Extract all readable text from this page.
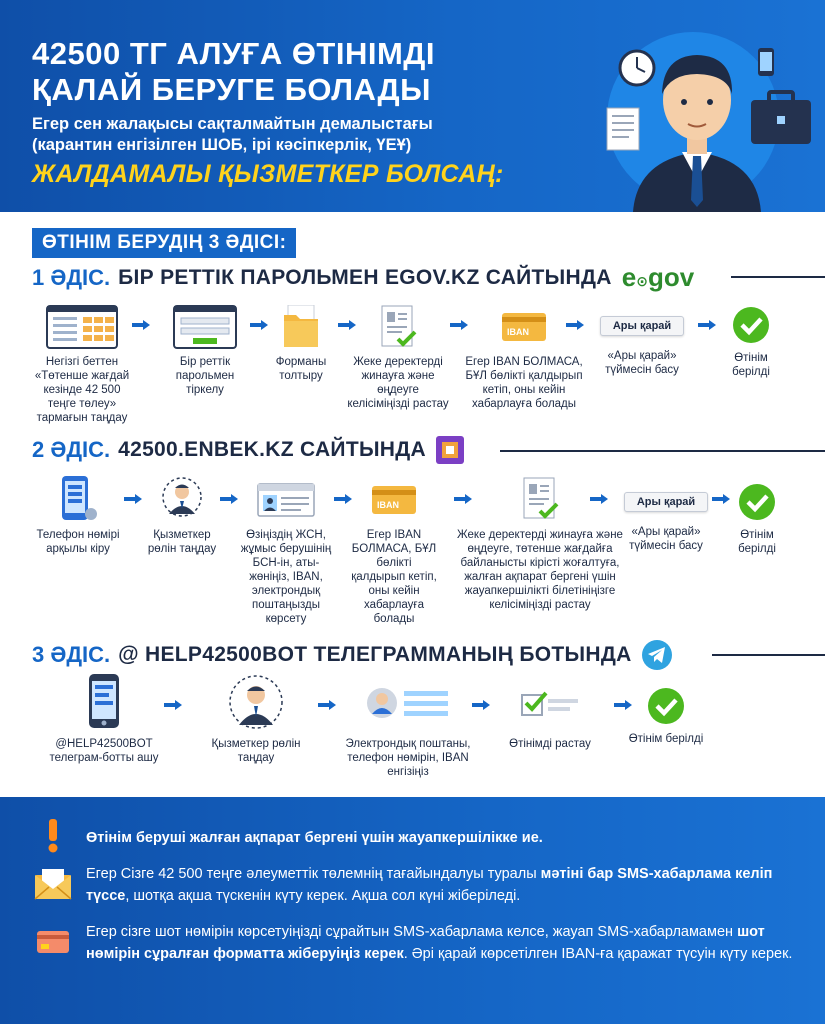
42500 ТГ АЛУҒА ӨТІНІМДІ
ҚАЛАЙ БЕРУГЕ БОЛАДЫ
Егер сен жалақысы сақталмайтын демалыстағы
(карантин енгізілген ШОБ, ірі кәсіпкерлік, ҮЕҰ)
ЖАЛДАМАЛЫ ҚЫЗМЕТКЕР БОЛСАҢ:
ӨТІНІМ БЕРУДІҢ 3 ӘДІСІ:
1 ӘДІС. БІР РЕТТІК ПАРОЛЬМЕН EGOV.KZ САЙТЫНДА e⊙gov
Негізгі беттен «Төтенше жағдай кезінде 42 500 теңге төлеу» тармағын таңдау
Бір реттік парольмен тіркелу
Форманы толтыру
Жеке деректерді жинауға және өңдеуге келісіміңізді растау
IBAN
Егер IBAN БОЛМАСА, БҰЛ бөлікті қалдырып кетіп, оны кейін хабарлауға болады
Ары қарай
«Ары қарай» түймесін басу
Өтінім берілді
2 ӘДІС. 42500.ENBEK.KZ САЙТЫНДА
Телефон нөмірі арқылы кіру
Қызметкер рөлін таңдау
Өзіңіздің ЖСН, жұмыс берушінің БСН-ін, аты-жөніңіз, IBAN, электрондық поштаңызды көрсету
IBAN
Егер IBAN БОЛМАСА, БҰЛ бөлікті қалдырып кетіп, оны кейін хабарлауға болады
Жеке деректерді жинауға және өңдеуге, төтенше жағдайға байланысты кірісті жоғалтуға, жалған ақпарат бергені үшін жауапкершілікті білетініңізге келісіміңізді растау
Ары қарай
«Ары қарай» түймесін басу
Өтінім берілді
3 ӘДІС. @ HELP42500BOT ТЕЛЕГРАММАНЫҢ БОТЫНДА
@HELP42500BOT телеграм-ботты ашу
Қызметкер рөлін таңдау
Электрондық поштаны, телефон нөмірін, IBAN енгізіңіз
Өтінімді растау	Өтінім берілді
Өтінім беруші жалған ақпарат бергені үшін жауапкершілікке ие.
Егер Сізге 42 500 теңге әлеуметтік төлемнің тағайындалуы туралы мәтіні бар SMS-хабарлама келіп түссе, шотқа ақша түскенін күту керек. Ақша сол күні жіберіледі.
Егер сізге шот нөмірін көрсетуіңізді сұрайтын SMS-хабарлама келсе, жауап SMS-хабарламамен шот нөмірін сұралған форматта жіберуіңіз керек. Әрі қарай көрсетілген IBAN-ға қаражат түсуін күту керек.
